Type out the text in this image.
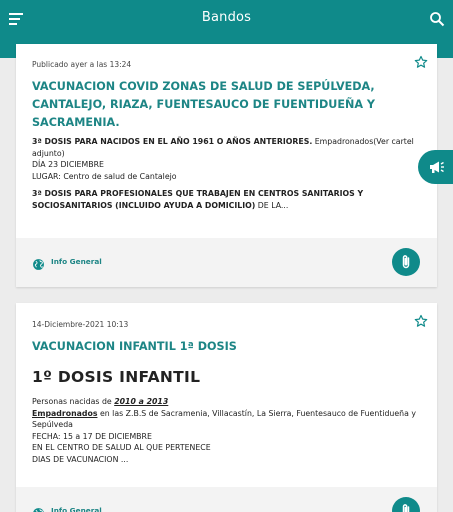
Bandos
Publicado ayer a las 13:24
VACUNACION COVID ZONAS DE SALUD DE SEPÚLVEDA, CANTALEJO, RIAZA, FUENTESAUCO DE FUENTIDUEÑA Y SACRAMENIA.

3ª DOSIS PARA NACIDOS EN EL AÑO 1961 O AÑOS ANTERIORES. Empadronados(Ver cartel adjunto)

DÍA 23 DICIEMBRE

LUGAR: Centro de salud de Cantalejo

3ª DOSIS PARA PROFESIONALES QUE TRABAJEN EN CENTROS SANITARIOS Y SOCIOSANITARIOS (INCLUIDO AYUDA A DOMICILIO) DE LA...

Info General
14-Diciembre-2021 10:13
VACUNACION INFANTIL 1ª DOSIS
1º DOSIS INFANTIL

Personas nacidas de 2010 a 2013

Empadronados en las Z.B.S de Sacramenia, Villacastín, La Sierra, Fuentesauco de Fuentidueña y Sepúlveda

FECHA: 15 a 17 DE DICIEMBRE

EN EL CENTRO DE SALUD AL QUE PERTENECE

DIAS DE VACUNACION ...

Info General
